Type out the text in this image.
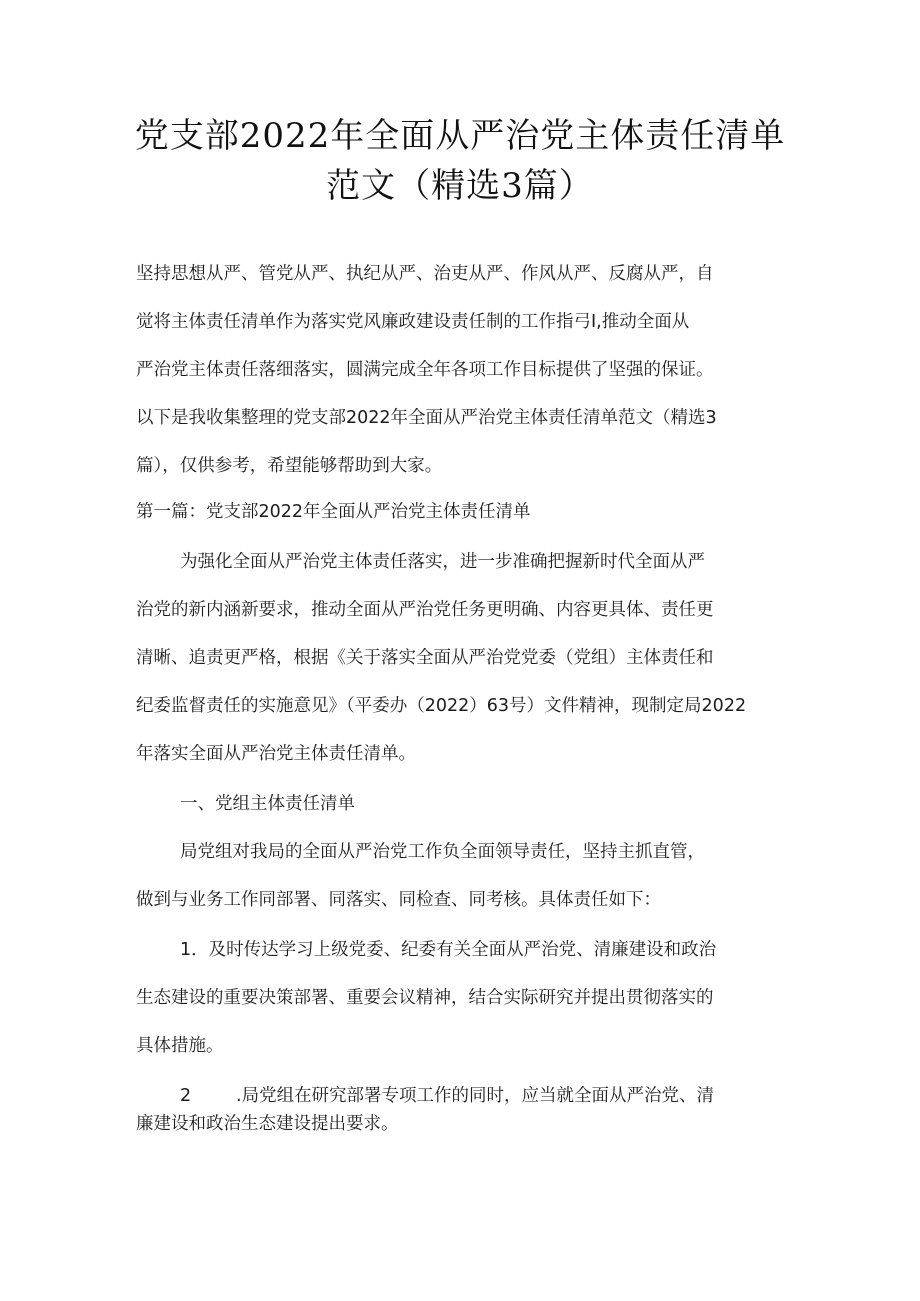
党支部2022年全面从严治党主体责任清单
范文（精选3篇）
坚持思想从严、管党从严、执纪从严、治吏从严、作风从严、反腐从严，自
觉将主体责任清单作为落实党风廉政建设责任制的工作指弓I,推动全面从
严治党主体责任落细落实，圆满完成全年各项工作目标提供了坚强的保证。
以下是我收集整理的党支部2022年全面从严治党主体责任清单范文（精选3
篇），仅供参考，希望能够帮助到大家。
第一篇：党支部2022年全面从严治党主体责任清单
为强化全面从严治党主体责任落实，进一步准确把握新时代全面从严
治党的新内涵新要求，推动全面从严治党任务更明确、内容更具体、责任更
清晰、追责更严格，根据《关于落实全面从严治党党委（党组）主体责任和
纪委监督责任的实施意见》（平委办（2022）63号）文件精神，现制定局2022
年落实全面从严治党主体责任清单。
一、党组主体责任清单
局党组对我局的全面从严治党工作负全面领导责任，坚持主抓直管，
做到与业务工作同部署、同落实、同检查、同考核。具体责任如下：
1．及时传达学习上级党委、纪委有关全面从严治党、清廉建设和政治
生态建设的重要决策部署、重要会议精神，结合实际研究并提出贯彻落实的
具体措施。
2	.局党组在研究部署专项工作的同时，应当就全面从严治党、清
廉建设和政治生态建设提出要求。
